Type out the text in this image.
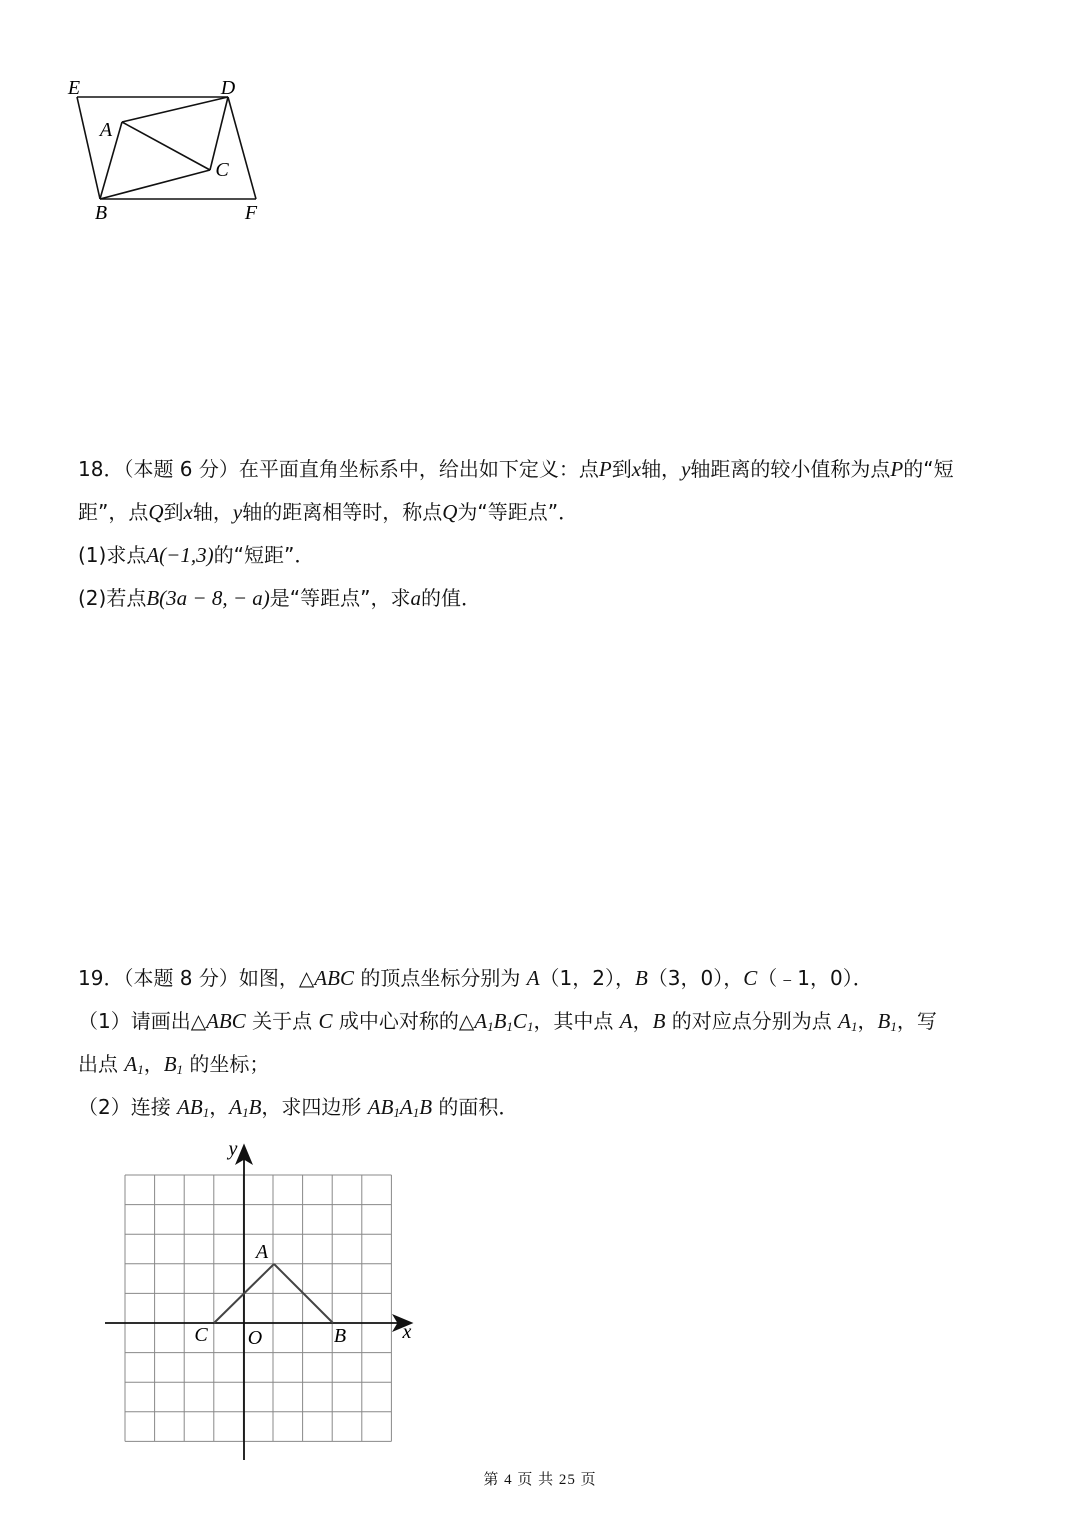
E	D
A
C
B	F
18．（本题 6 分）在平面直角坐标系中，给出如下定义：点P到x轴，y轴距离的较小值称为点P的“短
距”，点Q到x轴，y轴的距离相等时，称点Q为“等距点”．
(1)求点A(−1,3)的“短距”．
(2)若点B(3a − 8, − a)是“等距点”，求a的值．
19．（本题 8 分）如图，△ABC 的顶点坐标分别为 A（1，2），B（3，0），C（﹣1，0）．
（1）请画出△ABC 关于点 C 成中心对称的$\triangle A_1B_1C_1$，其中点 A，B 的对应点分别为点 $A_1$，$B_1$，写
出点 $A_1$，$B_1$ 的坐标；
（2）连接 $AB_1$，$A_1B$，求四边形 $AB_1A_1B$ 的面积．
y
x
A
C O	B
第 4 页 共 25 页
